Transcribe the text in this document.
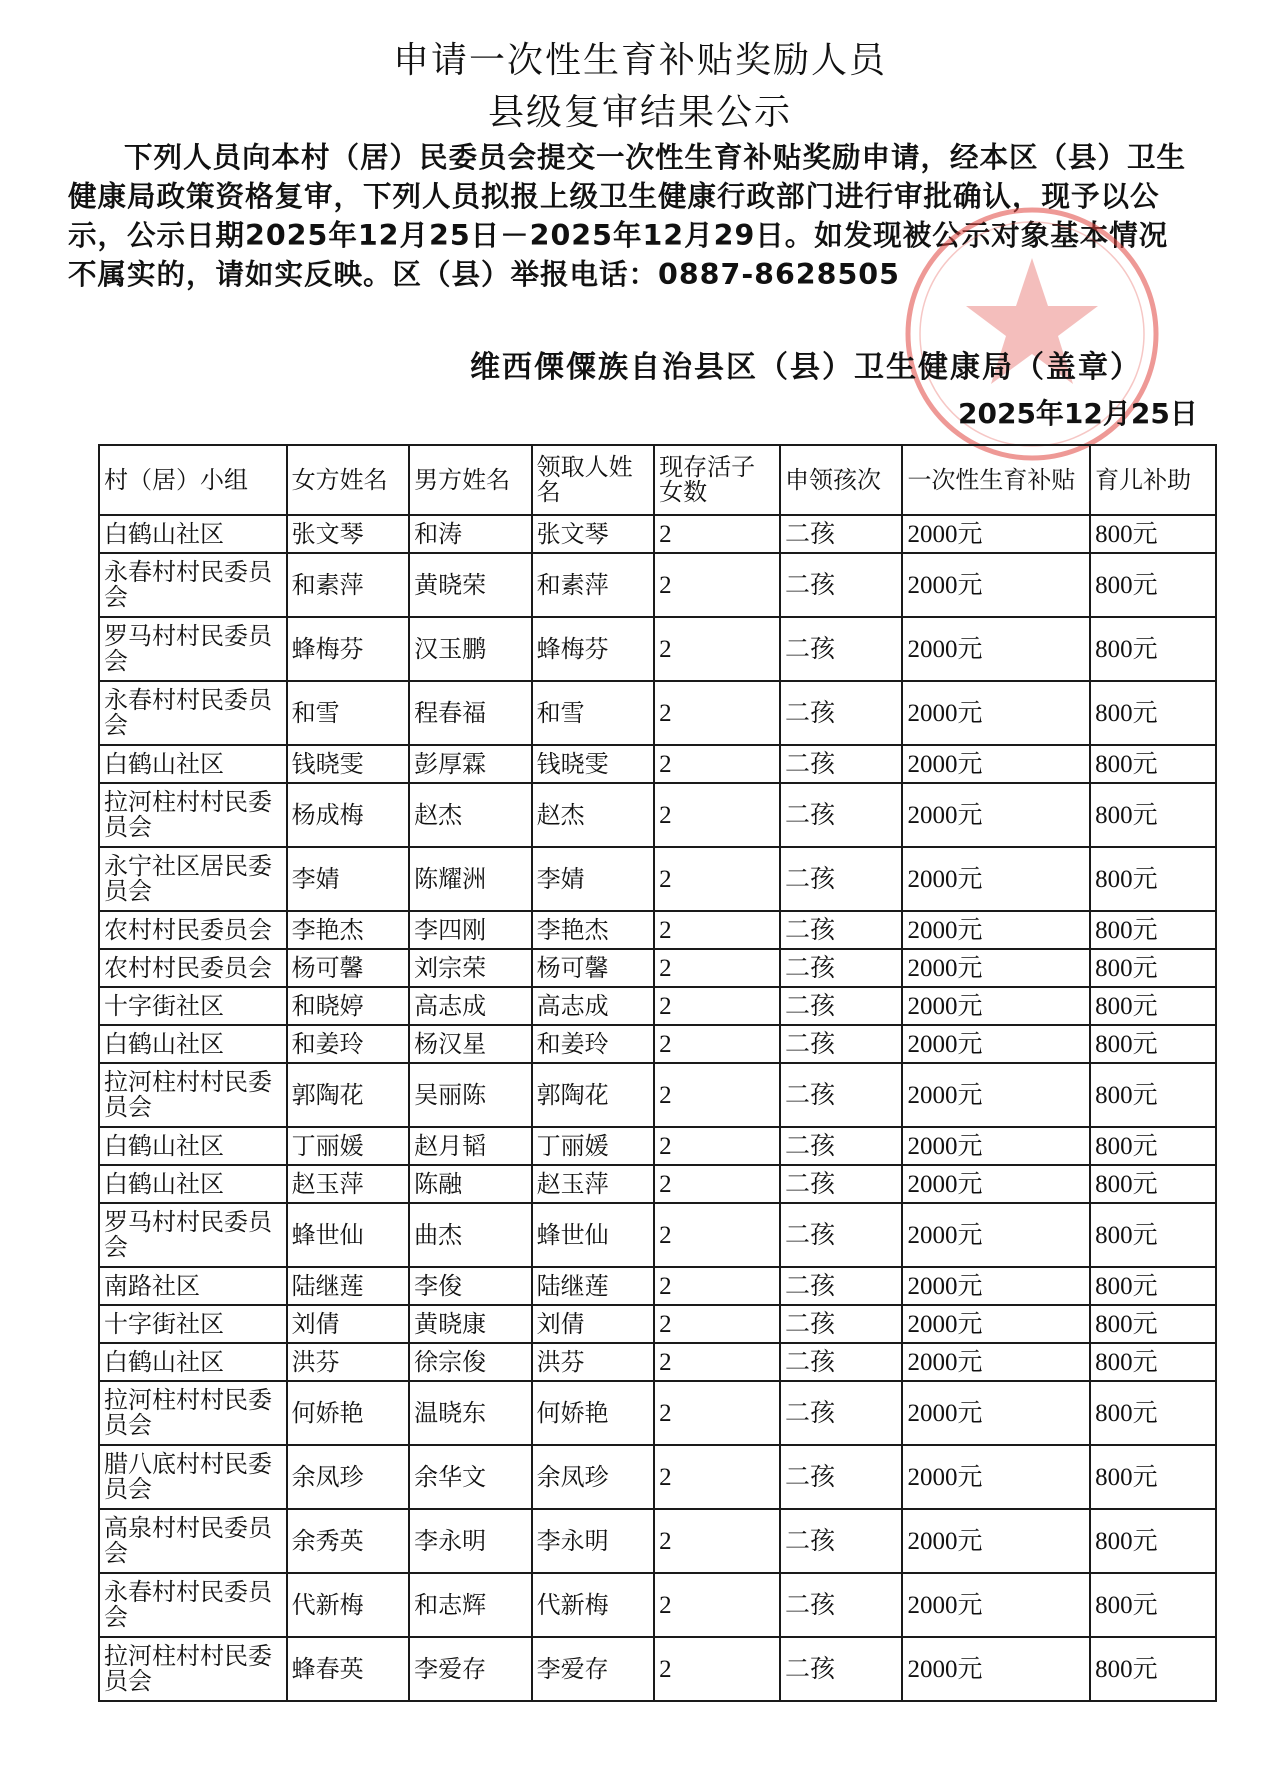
申请一次性生育补贴奖励人员
县级复审结果公示

下列人员向本村（居）民委员会提交一次性生育补贴奖励申请，经本区（县）卫生健康局政策资格复审，下列人员拟报上级卫生健康行政部门进行审批确认，现予以公示，公示日期2025年12月25日－2025年12月29日。如发现被公示对象基本情况不属实的，请如实反映。区（县）举报电话：0887-8628505

维西傈僳族自治县区（县）卫生健康局（盖章）
2025年12月25日
村（居）小组	女方姓名	男方姓名	领取人姓名	现存活子女数	申领孩次	一次性生育补贴	育儿补助
白鹤山社区	张文琴	和涛	张文琴	2	二孩	2000元	800元
永春村村民委员会	和素萍	黄晓荣	和素萍	2	二孩	2000元	800元
罗马村村民委员会	蜂梅芬	汉玉鹏	蜂梅芬	2	二孩	2000元	800元
永春村村民委员会	和雪	程春福	和雪	2	二孩	2000元	800元
白鹤山社区	钱晓雯	彭厚霖	钱晓雯	2	二孩	2000元	800元
拉河柱村村民委员会	杨成梅	赵杰	赵杰	2	二孩	2000元	800元
永宁社区居民委员会	李婧	陈耀洲	李婧	2	二孩	2000元	800元
农村村民委员会	李艳杰	李四刚	李艳杰	2	二孩	2000元	800元
农村村民委员会	杨可馨	刘宗荣	杨可馨	2	二孩	2000元	800元
十字街社区	和晓婷	高志成	高志成	2	二孩	2000元	800元
白鹤山社区	和姜玲	杨汉星	和姜玲	2	二孩	2000元	800元
拉河柱村村民委员会	郭陶花	吴丽陈	郭陶花	2	二孩	2000元	800元
白鹤山社区	丁丽媛	赵月韬	丁丽媛	2	二孩	2000元	800元
白鹤山社区	赵玉萍	陈融	赵玉萍	2	二孩	2000元	800元
罗马村村民委员会	蜂世仙	曲杰	蜂世仙	2	二孩	2000元	800元
南路社区	陆继莲	李俊	陆继莲	2	二孩	2000元	800元
十字街社区	刘倩	黄晓康	刘倩	2	二孩	2000元	800元
白鹤山社区	洪芬	徐宗俊	洪芬	2	二孩	2000元	800元
拉河柱村村民委员会	何娇艳	温晓东	何娇艳	2	二孩	2000元	800元
腊八底村村民委员会	余凤珍	余华文	余凤珍	2	二孩	2000元	800元
高泉村村民委员会	余秀英	李永明	李永明	2	二孩	2000元	800元
永春村村民委员会	代新梅	和志辉	代新梅	2	二孩	2000元	800元
拉河柱村村民委员会	蜂春英	李爱存	李爱存	2	二孩	2000元	800元
